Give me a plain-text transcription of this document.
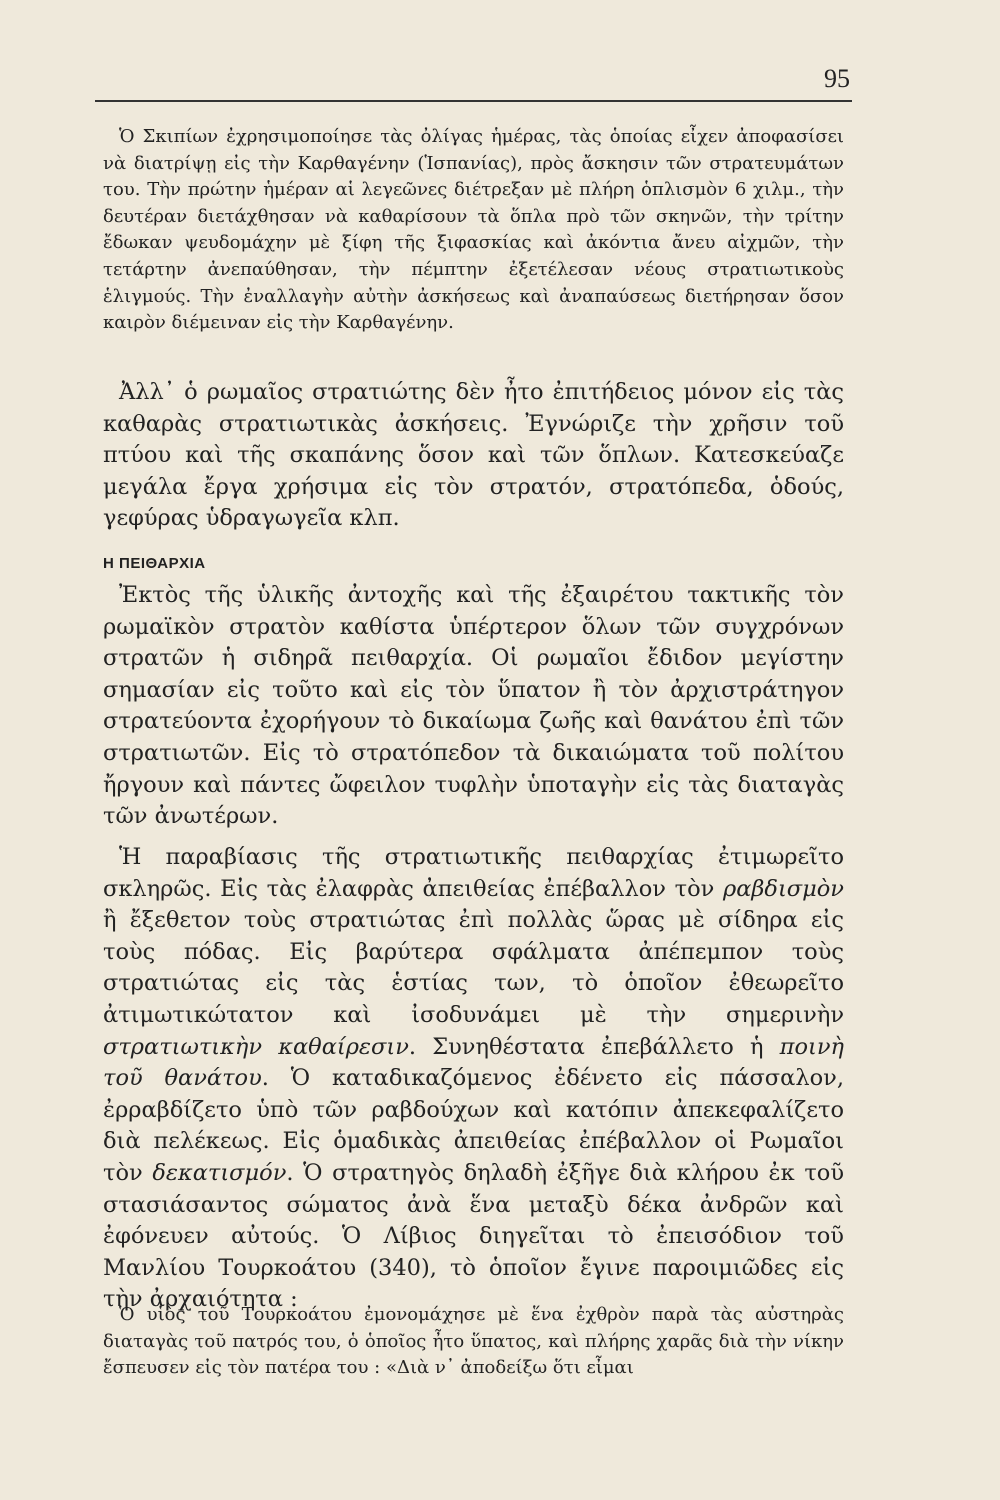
95

Ὁ Σκιπίων ἐχρησιμοποίησε τὰς ὀλίγας ἡμέρας, τὰς ὁποίας εἶχεν ἀποφασίσει νὰ διατρίψῃ εἰς τὴν Καρθαγένην (Ἱσπανίας), πρὸς ἄσκησιν τῶν στρατευμάτων του. Τὴν πρώτην ἡμέραν αἱ λεγεῶνες διέτρεξαν μὲ πλήρη ὁπλισμὸν 6 χιλμ., τὴν δευτέραν διετάχθησαν νὰ καθαρίσουν τὰ ὅπλα πρὸ τῶν σκηνῶν, τὴν τρίτην ἔδωκαν ψευδομάχην μὲ ξίφη τῆς ξιφασκίας καὶ ἀκόντια ἄνευ αἰχμῶν, τὴν τετάρτην ἀνεπαύθησαν, τὴν πέμπτην ἐξετέλεσαν νέους στρατιωτικοὺς ἑλιγμούς. Τὴν ἐναλλαγὴν αὐτὴν ἀσκήσεως καὶ ἀναπαύσεως διετήρησαν ὅσον καιρὸν διέμειναν εἰς τὴν Καρθαγένην.

Ἀλλ᾿ ὁ ρωμαῖος στρατιώτης δὲν ἦτο ἐπιτήδειος μόνον εἰς τὰς καθαρὰς στρατιωτικὰς ἀσκήσεις. Ἐγνώριζε τὴν χρῆσιν τοῦ πτύου καὶ τῆς σκαπάνης ὅσον καὶ τῶν ὅπλων. Κατεσκεύαζε μεγάλα ἔργα χρήσιμα εἰς τὸν στρατόν, στρατόπεδα, ὁδούς, γεφύρας ὑδραγωγεῖα κλπ.

Η ΠΕΙΘΑΡΧΙΑ

Ἐκτὸς τῆς ὑλικῆς ἀντοχῆς καὶ τῆς ἐξαιρέτου τακτικῆς τὸν ρωμαϊκὸν στρατὸν καθίστα ὑπέρτερον ὅλων τῶν συγχρόνων στρατῶν ἡ σιδηρᾶ πειθαρχία. Οἱ ρωμαῖοι ἔδιδον μεγίστην σημασίαν εἰς τοῦτο καὶ εἰς τὸν ὕπατον ἢ τὸν ἀρχιστράτηγον στρατεύοντα ἐχορήγουν τὸ δικαίωμα ζωῆς καὶ θανάτου ἐπὶ τῶν στρατιωτῶν. Εἰς τὸ στρατόπεδον τὰ δικαιώματα τοῦ πολίτου ἤργουν καὶ πάντες ὤφειλον τυφλὴν ὑποταγὴν εἰς τὰς διαταγὰς τῶν ἀνωτέρων.

Ἡ παραβίασις τῆς στρατιωτικῆς πειθαρχίας ἐτιμωρεῖτο σκληρῶς. Εἰς τὰς ἐλαφρὰς ἀπειθείας ἐπέβαλλον τὸν ραβδισμὸν ἢ ἔξεθετον τοὺς στρατιώτας ἐπὶ πολλὰς ὥρας μὲ σίδηρα εἰς τοὺς πόδας. Εἰς βαρύτερα σφάλματα ἀπέπεμπον τοὺς στρατιώτας εἰς τὰς ἑστίας των, τὸ ὁποῖον ἐθεωρεῖτο ἀτιμωτικώτατον καὶ ἰσοδυνάμει μὲ τὴν σημερινὴν στρατιωτικὴν καθαίρεσιν. Συνηθέστατα ἐπεβάλλετο ἡ ποινὴ τοῦ θανάτου. Ὁ καταδικαζόμενος ἐδένετο εἰς πάσσαλον, ἐρραβδίζετο ὑπὸ τῶν ραβδούχων καὶ κατόπιν ἀπεκεφαλίζετο διὰ πελέκεως. Εἰς ὁμαδικὰς ἀπειθείας ἐπέβαλλον οἱ Ρωμαῖοι τὸν δεκατισμόν. Ὁ στρατηγὸς δηλαδὴ ἐξῆγε διὰ κλήρου ἐκ τοῦ στασιάσαντος σώματος ἀνὰ ἕνα μεταξὺ δέκα ἀνδρῶν καὶ ἐφόνευεν αὐτούς. Ὁ Λίβιος διηγεῖται τὸ ἐπεισόδιον τοῦ Μανλίου Τουρκοάτου (340), τὸ ὁποῖον ἔγινε παροιμιῶδες εἰς τὴν ἀρχαιότητα :

Ὁ υἱὸς τοῦ Τουρκοάτου ἐμονομάχησε μὲ ἕνα ἐχθρὸν παρὰ τὰς αὐστηρὰς διαταγὰς τοῦ πατρός του, ὁ ὁποῖος ἦτο ὕπατος, καὶ πλήρης χαρᾶς διὰ τὴν νίκην ἔσπευσεν εἰς τὸν πατέρα του : «Διὰ ν᾿ ἀποδείξω ὅτι εἶμαι
